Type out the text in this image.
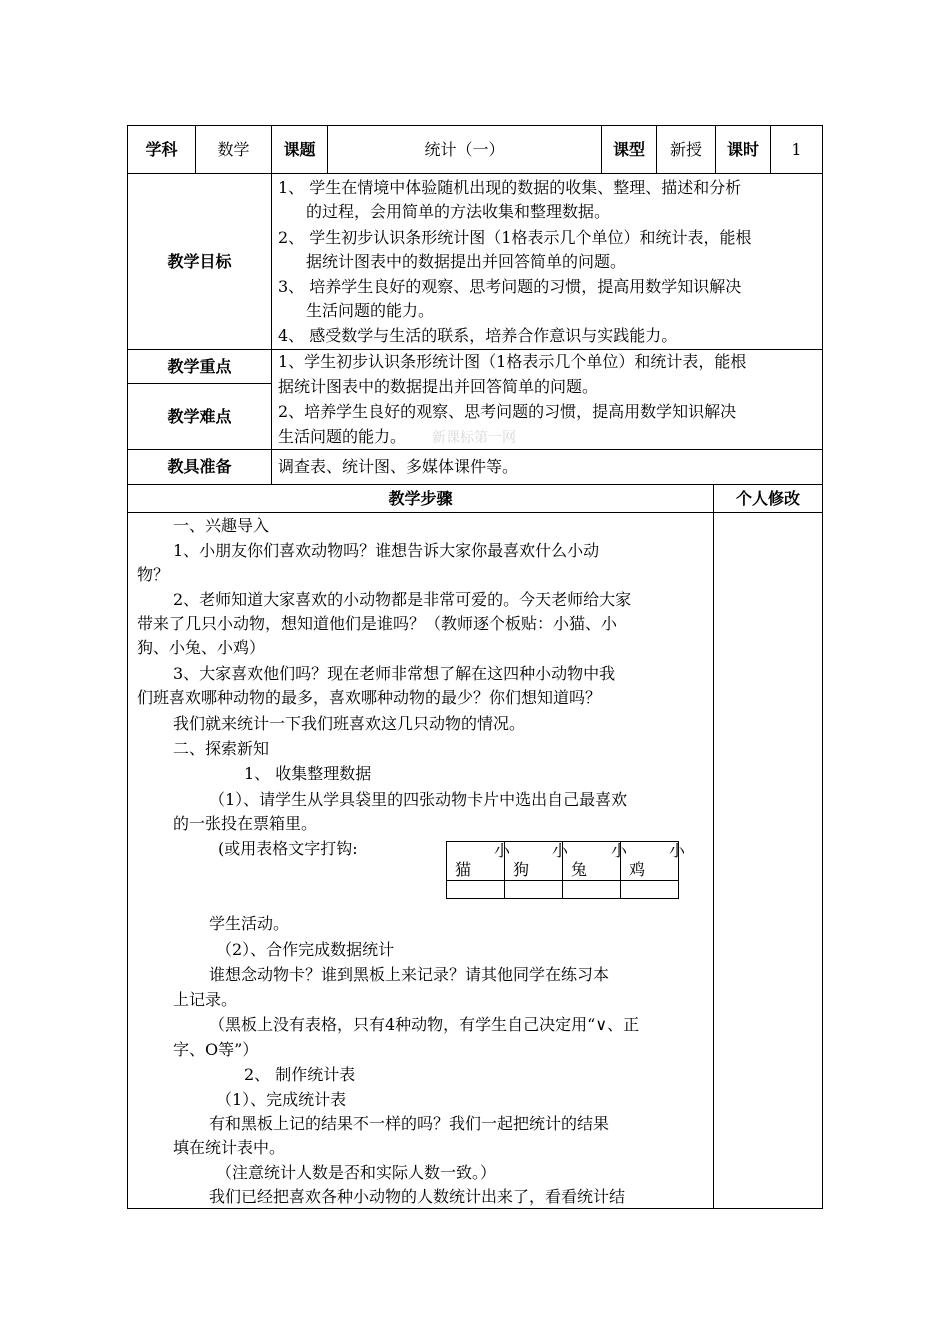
学科	数学	课题	统计（一）	课型	新授	课时	1
教学目标
1、 学生在情境中体验随机出现的数据的收集、整理、描述和分析
的过程，会用简单的方法收集和整理数据。
2、 学生初步认识条形统计图（1格表示几个单位）和统计表，能根
据统计图表中的数据提出并回答简单的问题。
3、 培养学生良好的观察、思考问题的习惯，提高用数学知识解决
生活问题的能力。
4、 感受数学与生活的联系，培养合作意识与实践能力。
教学重点
教学难点
1、学生初步认识条形统计图（1格表示几个单位）和统计表，能根
据统计图表中的数据提出并回答简单的问题。
2、培养学生良好的观察、思考问题的习惯，提高用数学知识解决
生活问题的能力。 新课标第一网
教具准备	调查表、统计图、多媒体课件等。
教学步骤	个人修改
一、兴趣导入
1、小朋友你们喜欢动物吗？谁想告诉大家你最喜欢什么小动
物？
2、老师知道大家喜欢的小动物都是非常可爱的。今天老师给大家
带来了几只小动物，想知道他们是谁吗？（教师逐个板贴：小猫、小
狗、小兔、小鸡）
3、大家喜欢他们吗？现在老师非常想了解在这四种小动物中我
们班喜欢哪种动物的最多，喜欢哪种动物的最少？你们想知道吗？
我们就来统计一下我们班喜欢这几只动物的情况。
二、探索新知
1、 收集整理数据
（1）、请学生从学具袋里的四张动物卡片中选出自己最喜欢
的一张投在票箱里。
(或用表格文字打钩:	小	小	小	小
猫	狗	兔	鸡
学生活动。
（2）、合作完成数据统计
谁想念动物卡？谁到黑板上来记录？请其他同学在练习本
上记录。
（黑板上没有表格，只有4种动物，有学生自己决定用“∨、正
字、O等”）
2、 制作统计表
（1）、完成统计表
有和黑板上记的结果不一样的吗？我们一起把统计的结果
填在统计表中。
（注意统计人数是否和实际人数一致。）
我们已经把喜欢各种小动物的人数统计出来了，看看统计结
